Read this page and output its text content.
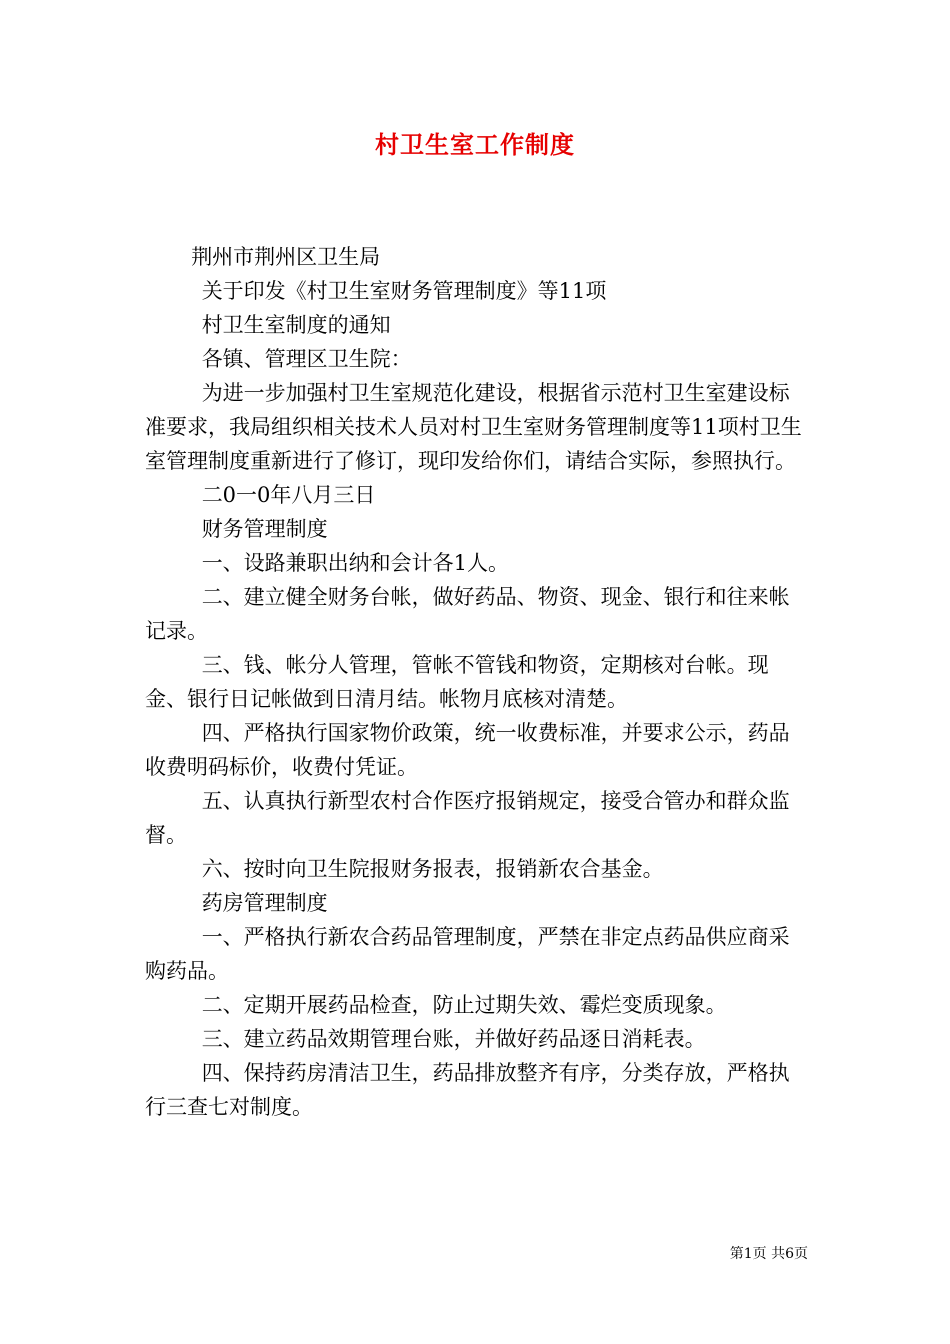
村卫生室工作制度

荆州市荆州区卫生局

关于印发《村卫生室财务管理制度》等11项

村卫生室制度的通知

各镇、管理区卫生院：

为进一步加强村卫生室规范化建设，根据省示范村卫生室建设标准要求，我局组织相关技术人员对村卫生室财务管理制度等11项村卫生室管理制度重新进行了修订，现印发给你们，请结合实际，参照执行。

二0一0年八月三日

财务管理制度

一、设路兼职出纳和会计各1人。

二、建立健全财务台帐，做好药品、物资、现金、银行和往来帐记录。

三、钱、帐分人管理，管帐不管钱和物资，定期核对台帐。现金、银行日记帐做到日清月结。帐物月底核对清楚。

四、严格执行国家物价政策，统一收费标准，并要求公示，药品收费明码标价，收费付凭证。

五、认真执行新型农村合作医疗报销规定，接受合管办和群众监督。

六、按时向卫生院报财务报表，报销新农合基金。

药房管理制度

一、严格执行新农合药品管理制度，严禁在非定点药品供应商采购药品。

二、定期开展药品检查，防止过期失效、霉烂变质现象。

三、建立药品效期管理台账，并做好药品逐日消耗表。

四、保持药房清洁卫生，药品排放整齐有序，分类存放，严格执行三查七对制度。

第1页 共6页
